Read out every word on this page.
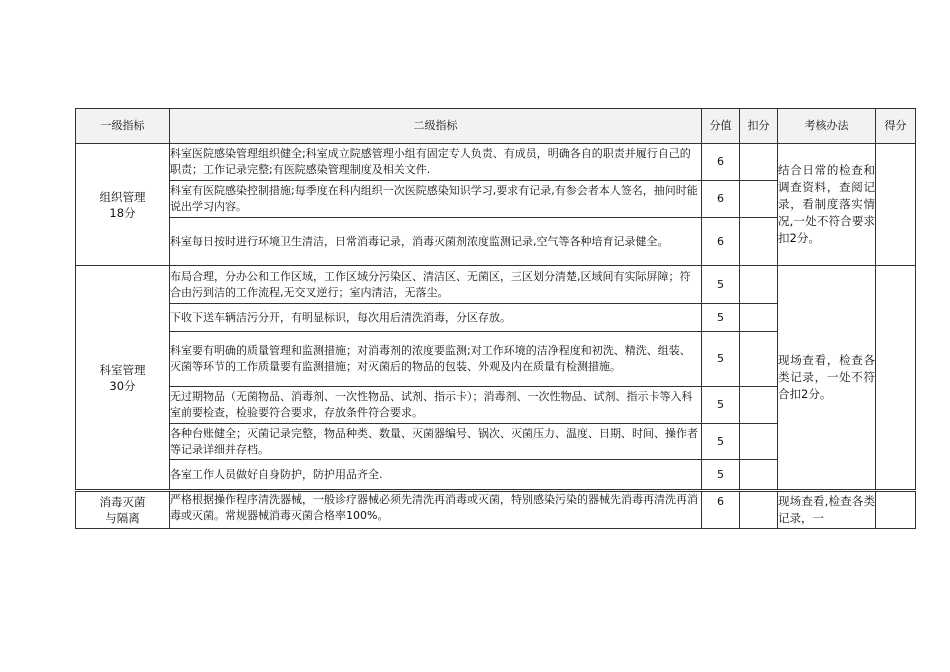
一级指标	二级指标	分值	扣分	考核办法	得分

组织管理
18分	科室医院感染管理组织健全;科室成立院感管理小组有固定专人负责、有成员，明确各自的职责并履行自己的职责；工作记录完整;有医院感染管理制度及相关文件.	6		结合日常的检查和调查资料，查阅记录，看制度落实情况,一处不符合要求扣2分。	
	科室有医院感染控制措施;每季度在科内组织一次医院感染知识学习,要求有记录,有参会者本人签名，抽问时能说出学习内容。	6			
	科室每日按时进行环境卫生清洁，日常消毒记录，消毒灭菌剂浓度监测记录,空气等各种培育记录健全。	6			

科室管理
30分	布局合理，分办公和工作区域，工作区域分污染区、清洁区、无菌区，三区划分清楚,区域间有实际屏障；符合由污到洁的工作流程,无交叉逆行；室内清洁，无落尘。	5		现场查看，检查各类记录，一处不符合扣2分。	
	下收下送车辆洁污分开，有明显标识，每次用后清洗消毒，分区存放。	5			
	科室要有明确的质量管理和监测措施；对消毒剂的浓度要监测;对工作环境的洁净程度和初洗、精洗、组装、灭菌等环节的工作质量要有监测措施；对灭菌后的物品的包装、外观及内在质量有检测措施。	5			
	无过期物品（无菌物品、消毒剂、一次性物品、试剂、指示卡）；消毒剂、一次性物品、试剂、指示卡等入科室前要检查，检验要符合要求，存放条件符合要求。	5			
	各种台账健全；灭菌记录完整，物品种类、数量、灭菌器编号、锅次、灭菌压力、温度、日期、时间、操作者等记录详细并存档。	5			
	各室工作人员做好自身防护，防护用品齐全.	5			

消毒灭菌与隔离	严格根据操作程序清洗器械，一般诊疗器械必须先清洗再消毒或灭菌，特别感染污染的器械先消毒再清洗再消毒或灭菌。常规器械消毒灭菌合格率100%。	6		现场查看,检查各类记录，一	
